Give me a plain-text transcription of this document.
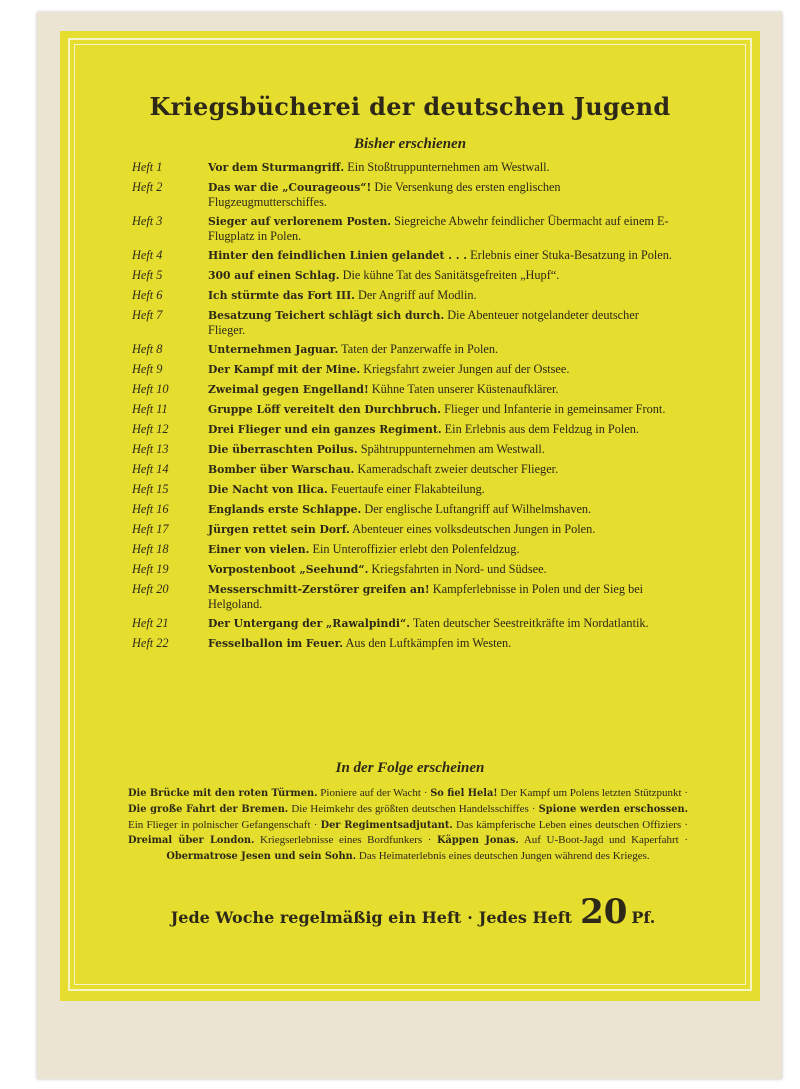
Kriegsbücherei der deutschen Jugend
Bisher erschienen
Heft 1	Vor dem Sturmangriff. Ein Stoßtruppunternehmen am Westwall.
Heft 2	Das war die „Courageous“! Die Versenkung des ersten englischen Flugzeugmutterschiffes.
Heft 3	Sieger auf verlorenem Posten. Siegreiche Abwehr feindlicher Übermacht auf einem E-Flugplatz in Polen.
Heft 4	Hinter den feindlichen Linien gelandet . . . Erlebnis einer Stuka-Besatzung in Polen.
Heft 5	300 auf einen Schlag. Die kühne Tat des Sanitätsgefreiten „Hupf“.
Heft 6	Ich stürmte das Fort III. Der Angriff auf Modlin.
Heft 7	Besatzung Teichert schlägt sich durch. Die Abenteuer notgelandeter deutscher Flieger.
Heft 8	Unternehmen Jaguar. Taten der Panzerwaffe in Polen.
Heft 9	Der Kampf mit der Mine. Kriegsfahrt zweier Jungen auf der Ostsee.
Heft 10	Zweimal gegen Engelland! Kühne Taten unserer Küstenaufklärer.
Heft 11	Gruppe Löff vereitelt den Durchbruch. Flieger und Infanterie in gemeinsamer Front.
Heft 12	Drei Flieger und ein ganzes Regiment. Ein Erlebnis aus dem Feldzug in Polen.
Heft 13	Die überraschten Poilus. Spähtruppunternehmen am Westwall.
Heft 14	Bomber über Warschau. Kameradschaft zweier deutscher Flieger.
Heft 15	Die Nacht von Ilica. Feuertaufe einer Flakabteilung.
Heft 16	Englands erste Schlappe. Der englische Luftangriff auf Wilhelmshaven.
Heft 17	Jürgen rettet sein Dorf. Abenteuer eines volksdeutschen Jungen in Polen.
Heft 18	Einer von vielen. Ein Unteroffizier erlebt den Polenfeldzug.
Heft 19	Vorpostenboot „Seehund“. Kriegsfahrten in Nord- und Südsee.
Heft 20	Messerschmitt-Zerstörer greifen an! Kampferlebnisse in Polen und der Sieg bei Helgoland.
Heft 21	Der Untergang der „Rawalpindi“. Taten deutscher Seestreitkräfte im Nordatlantik.
Heft 22	Fesselballon im Feuer. Aus den Luftkämpfen im Westen.
In der Folge erscheinen
Die Brücke mit den roten Türmen. Pioniere auf der Wacht · So fiel Hela! Der Kampf um Polens letzten Stützpunkt · Die große Fahrt der Bremen. Die Heimkehr des größten deutschen Handelsschiffes · Spione werden erschossen. Ein Flieger in polnischer Gefangenschaft · Der Regimentsadjutant. Das kämpferische Leben eines deutschen Offiziers · Dreimal über London. Kriegserlebnisse eines Bordfunkers · Käppen Jonas. Auf U-Boot-Jagd und Kaperfahrt · Obermatrose Jesen und sein Sohn. Das Heimaterlebnis eines deutschen Jungen während des Krieges.
Jede Woche regelmäßig ein Heft · Jedes Heft 20 Pf.
